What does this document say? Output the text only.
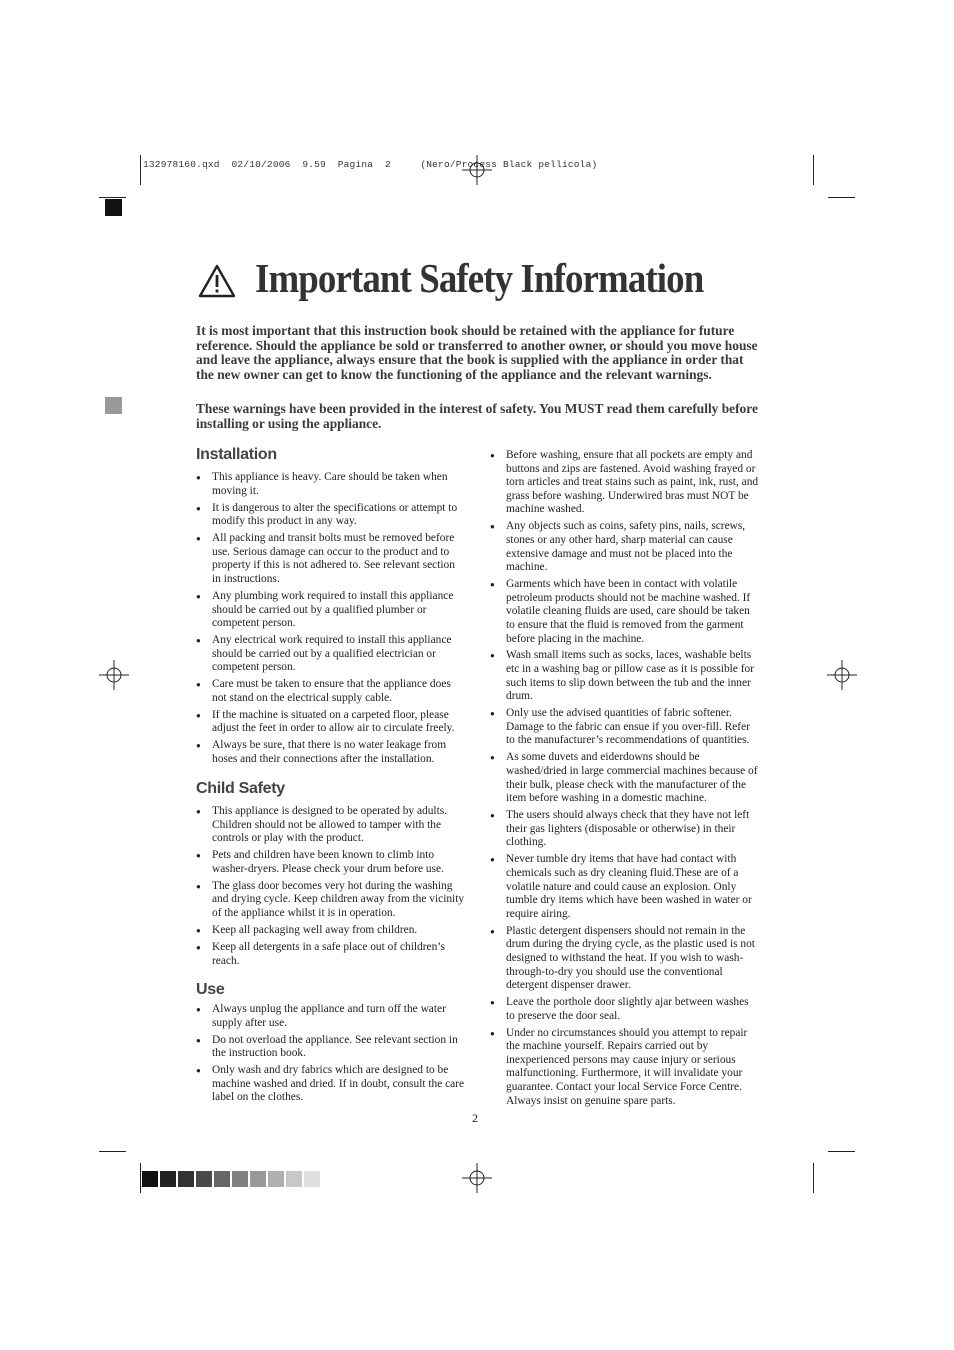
132978160.qxd  02/10/2006  9.59  Pagina  2     (Nero/Process Black pellicola)
Important Safety Information

It is most important that this instruction book should be retained with the appliance for future reference. Should the appliance be sold or transferred to another owner, or should you move house and leave the appliance, always ensure that the book is supplied with the appliance in order that the new owner can get to know the functioning of the appliance and the relevant warnings.

These warnings have been provided in the interest of safety. You MUST read them carefully before installing or using the appliance.

Installation
● This appliance is heavy. Care should be taken when moving it.
● It is dangerous to alter the specifications or attempt to modify this product in any way.
● All packing and transit bolts must be removed before use. Serious damage can occur to the product and to property if this is not adhered to. See relevant section in instructions.
● Any plumbing work required to install this appliance should be carried out by a qualified plumber or competent person.
● Any electrical work required to install this appliance should be carried out by a qualified electrician or competent person.
● Care must be taken to ensure that the appliance does not stand on the electrical supply cable.
● If the machine is situated on a carpeted floor, please adjust the feet in order to allow air to circulate freely.
● Always be sure, that there is no water leakage from hoses and their connections after the installation.
Child Safety
● This appliance is designed to be operated by adults. Children should not be allowed to tamper with the controls or play with the product.
● Pets and children have been known to climb into washer-dryers. Please check your drum before use.
● The glass door becomes very hot during the washing and drying cycle. Keep children away from the vicinity of the appliance whilst it is in operation.
● Keep all packaging well away from children.
● Keep all detergents in a safe place out of children’s reach.
Use
● Always unplug the appliance and turn off the water supply after use.
● Do not overload the appliance. See relevant section in the instruction book.
● Only wash and dry fabrics which are designed to be machine washed and dried. If in doubt, consult the care label on the clothes.
● Before washing, ensure that all pockets are empty and buttons and zips are fastened. Avoid washing frayed or torn articles and treat stains such as paint, ink, rust, and grass before washing. Underwired bras must NOT be machine washed.
● Any objects such as coins, safety pins, nails, screws, stones or any other hard, sharp material can cause extensive damage and must not be placed into the machine.
● Garments which have been in contact with volatile petroleum products should not be machine washed. If volatile cleaning fluids are used, care should be taken to ensure that the fluid is removed from the garment before placing in the machine.
● Wash small items such as socks, laces, washable belts etc in a washing bag or pillow case as it is possible for such items to slip down between the tub and the inner drum.
● Only use the advised quantities of fabric softener. Damage to the fabric can ensue if you over-fill. Refer to the manufacturer’s recommendations of quantities.
● As some duvets and eiderdowns should be washed/dried in large commercial machines because of their bulk, please check with the manufacturer of the item before washing in a domestic machine.
● The users should always check that they have not left their gas lighters (disposable or otherwise) in their clothing.
● Never tumble dry items that have had contact with chemicals such as dry cleaning fluid.These are of a volatile nature and could cause an explosion. Only tumble dry items which have been washed in water or require airing.
● Plastic detergent dispensers should not remain in the drum during the drying cycle, as the plastic used is not designed to withstand the heat. If you wish to wash-through-to-dry you should use the conventional detergent dispenser drawer.
● Leave the porthole door slightly ajar between washes to preserve the door seal.
● Under no circumstances should you attempt to repair the machine yourself. Repairs carried out by inexperienced persons may cause injury or serious malfunctioning. Furthermore, it will invalidate your guarantee. Contact your local Service Force Centre. Always insist on genuine spare parts.
2
